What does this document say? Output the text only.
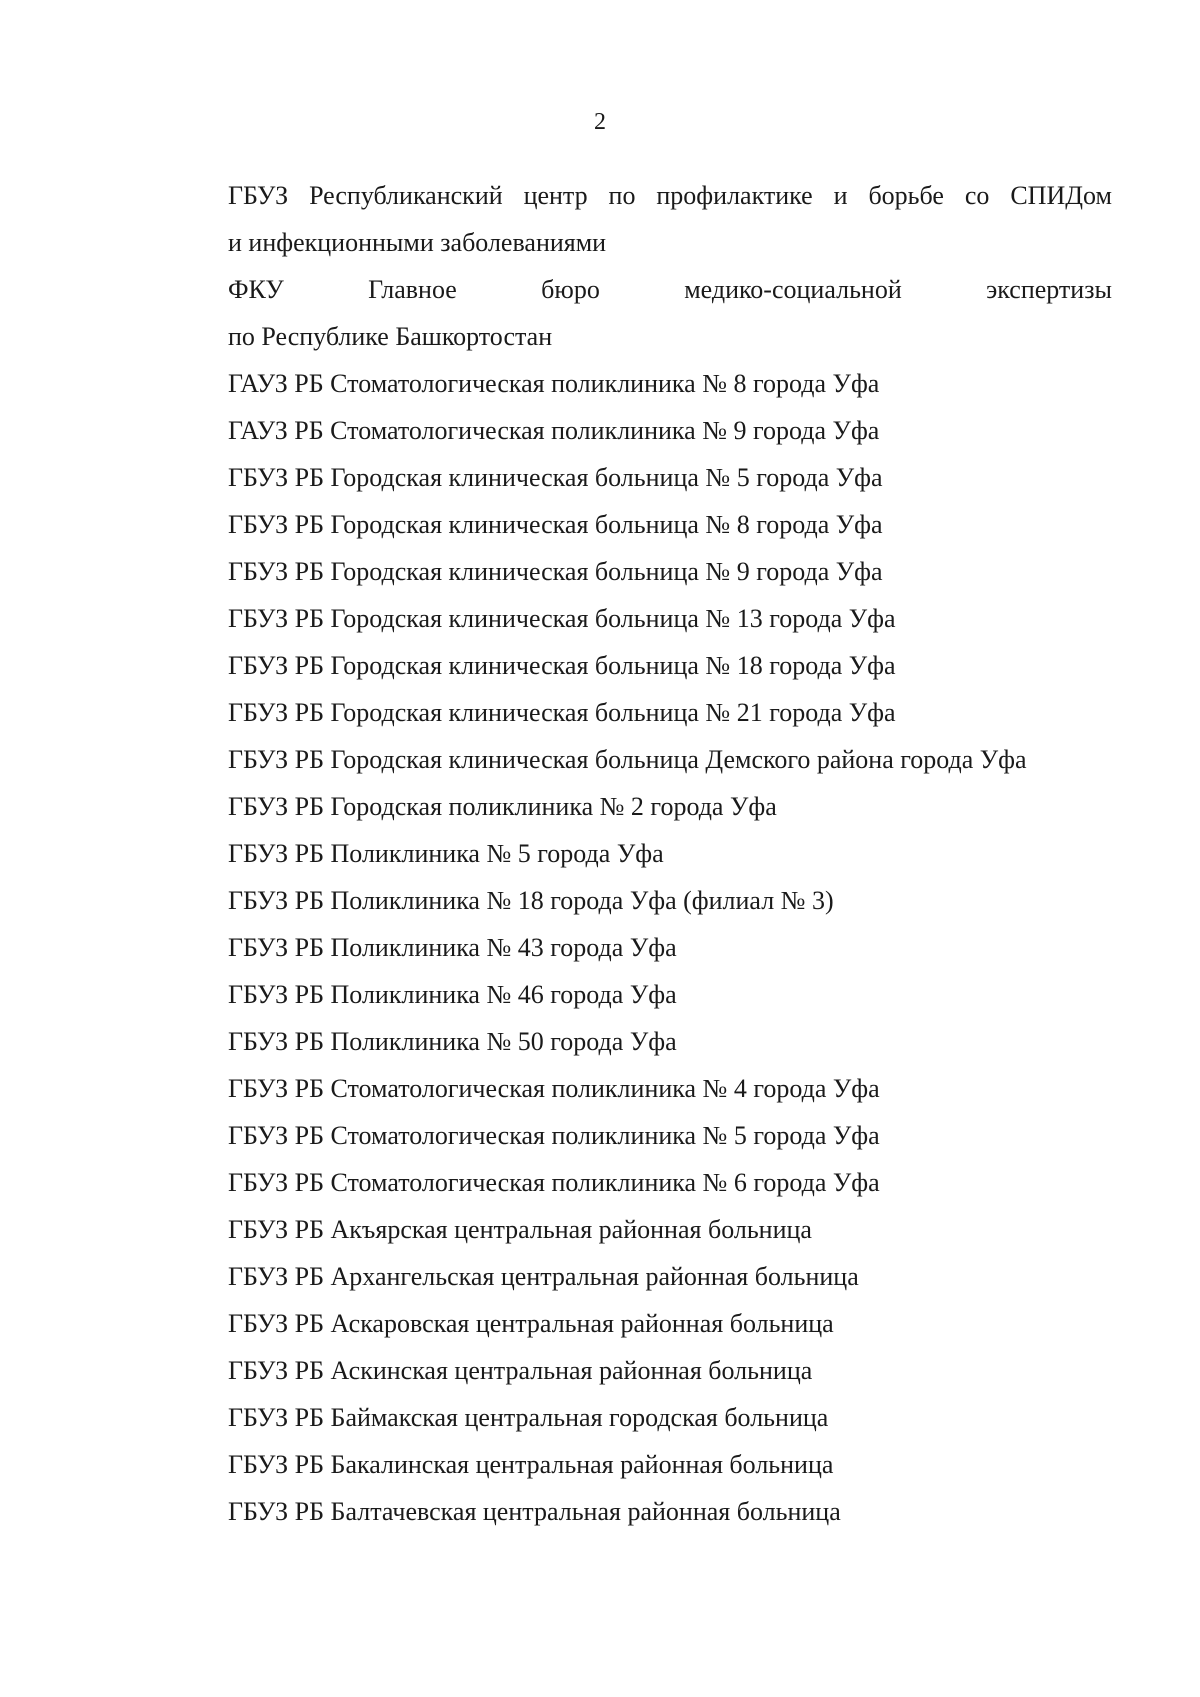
2
ГБУЗ Республиканский центр по профилактике и борьбе со СПИДом
и инфекционными заболеваниями
ФКУ	Главное	бюро	медико-социальной	экспертизы
по Республике Башкортостан
ГАУЗ РБ Стоматологическая поликлиника № 8 города Уфа
ГАУЗ РБ Стоматологическая поликлиника № 9 города Уфа
ГБУЗ РБ Городская клиническая больница № 5 города Уфа
ГБУЗ РБ Городская клиническая больница № 8 города Уфа
ГБУЗ РБ Городская клиническая больница № 9 города Уфа
ГБУЗ РБ Городская клиническая больница № 13 города Уфа
ГБУЗ РБ Городская клиническая больница № 18 города Уфа
ГБУЗ РБ Городская клиническая больница № 21 города Уфа
ГБУЗ РБ Городская клиническая больница Демского района города Уфа
ГБУЗ РБ Городская поликлиника № 2 города Уфа
ГБУЗ РБ Поликлиника № 5 города Уфа
ГБУЗ РБ Поликлиника № 18 города Уфа (филиал № 3)
ГБУЗ РБ Поликлиника № 43 города Уфа
ГБУЗ РБ Поликлиника № 46 города Уфа
ГБУЗ РБ Поликлиника № 50 города Уфа
ГБУЗ РБ Стоматологическая поликлиника № 4 города Уфа
ГБУЗ РБ Стоматологическая поликлиника № 5 города Уфа
ГБУЗ РБ Стоматологическая поликлиника № 6 города Уфа
ГБУЗ РБ Акъярская центральная районная больница
ГБУЗ РБ Архангельская центральная районная больница
ГБУЗ РБ Аскаровская центральная районная больница
ГБУЗ РБ Аскинская центральная районная больница
ГБУЗ РБ Баймакская центральная городская больница
ГБУЗ РБ Бакалинская центральная районная больница
ГБУЗ РБ Балтачевская центральная районная больница
